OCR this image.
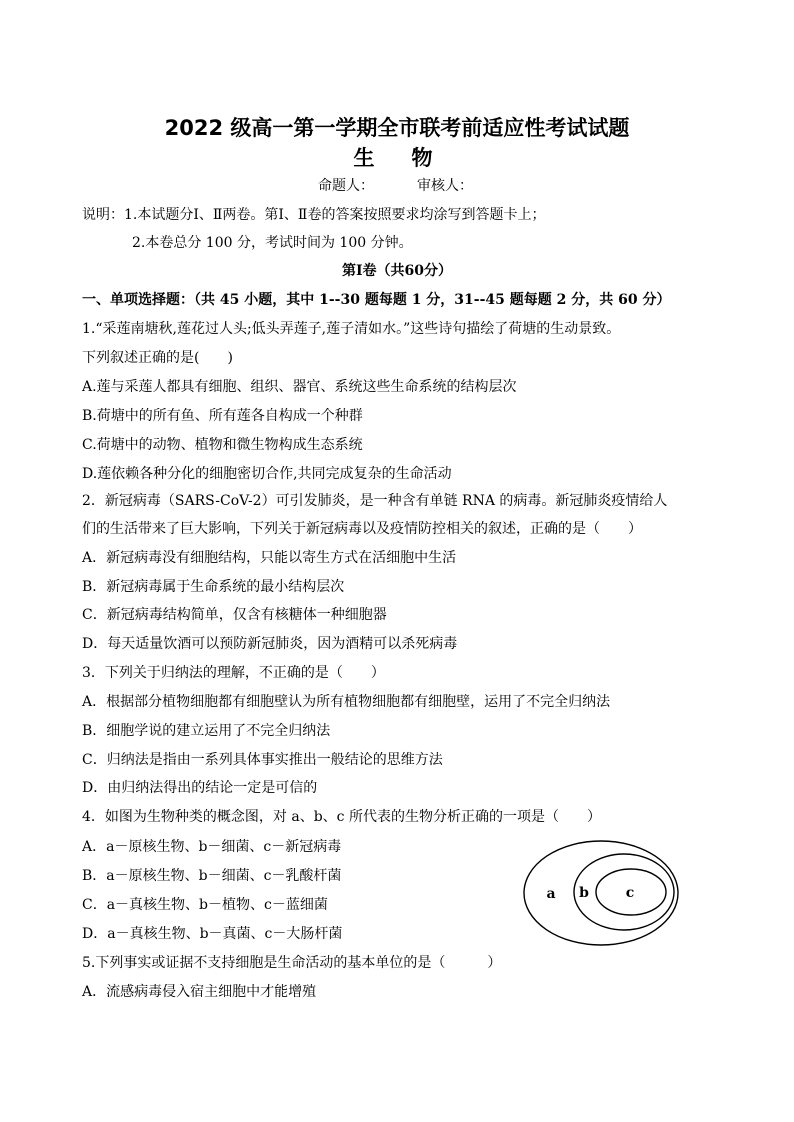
2022 级高一第一学期全市联考前适应性考试试题
生　物
命题人：	审核人：
说明：1.本试题分Ⅰ、Ⅱ两卷。第Ⅰ、Ⅱ卷的答案按照要求均涂写到答题卡上；
2.本卷总分 100 分，考试时间为 100 分钟。
第Ⅰ卷（共60分）
一、单项选择题：（共 45 小题，其中 1--30 题每题 1 分，31--45 题每题 2 分，共 60 分）
1.“采莲南塘秋,莲花过人头;低头弄莲子,莲子清如水。”这些诗句描绘了荷塘的生动景致。
下列叙述正确的是(　　)
A.莲与采莲人都具有细胞、组织、器官、系统这些生命系统的结构层次
B.荷塘中的所有鱼、所有莲各自构成一个种群
C.荷塘中的动物、植物和微生物构成生态系统
D.莲依赖各种分化的细胞密切合作,共同完成复杂的生命活动
2．新冠病毒（SARS-CoV-2）可引发肺炎，是一种含有单链 RNA 的病毒。新冠肺炎疫情给人
们的生活带来了巨大影响，下列关于新冠病毒以及疫情防控相关的叙述，正确的是（　　）
A．新冠病毒没有细胞结构，只能以寄生方式在活细胞中生活
B．新冠病毒属于生命系统的最小结构层次
C．新冠病毒结构简单，仅含有核糖体一种细胞器
D．每天适量饮酒可以预防新冠肺炎，因为酒精可以杀死病毒
3．下列关于归纳法的理解，不正确的是（　　）
A．根据部分植物细胞都有细胞壁认为所有植物细胞都有细胞壁，运用了不完全归纳法
B．细胞学说的建立运用了不完全归纳法
C．归纳法是指由一系列具体事实推出一般结论的思维方法
D．由归纳法得出的结论一定是可信的
4．如图为生物种类的概念图，对 a、b、c 所代表的生物分析正确的一项是（　　）
A．a－原核生物、b－细菌、c－新冠病毒
B．a－原核生物、b－细菌、c－乳酸杆菌
C．a－真核生物、b－植物、c－蓝细菌
D．a－真核生物、b－真菌、c－大肠杆菌
a b	c
5.下列事实或证据不支持细胞是生命活动的基本单位的是（　　　）
A．流感病毒侵入宿主细胞中才能增殖
